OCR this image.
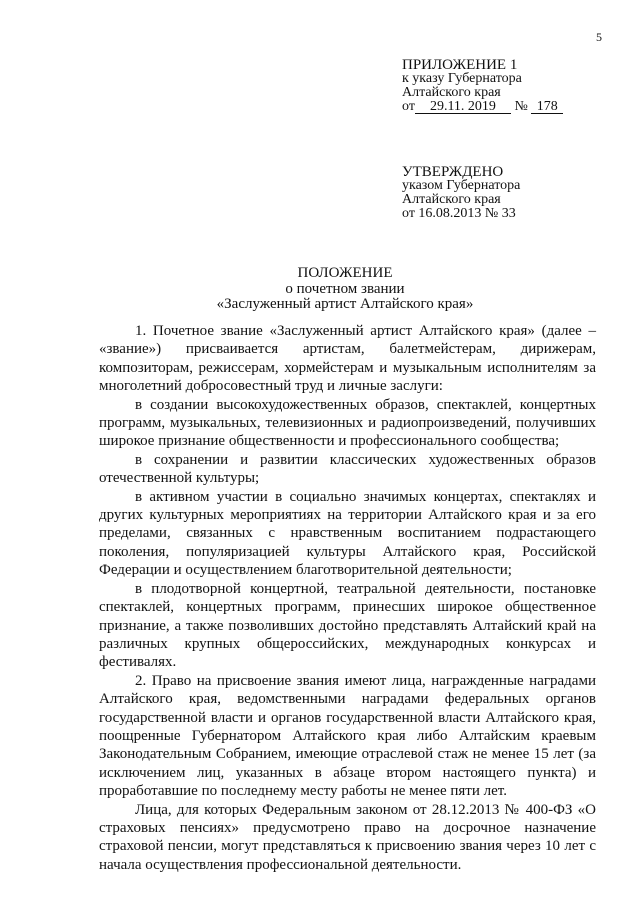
5
ПРИЛОЖЕНИЕ 1
к указу Губернатора
Алтайского края
от 29.11. 2019 № 178
УТВЕРЖДЕНО
указом Губернатора
Алтайского края
от 16.08.2013 № 33
ПОЛОЖЕНИЕ
о почетном звании
«Заслуженный артист Алтайского края»

1. Почетное звание «Заслуженный артист Алтайского края» (далее – «звание») присваивается артистам, балетмейстерам, дирижерам, композиторам, режиссерам, хормейстерам и музыкальным исполнителям за многолетний добросовестный труд и личные заслуги:

в создании высокохудожественных образов, спектаклей, концертных программ, музыкальных, телевизионных и радиопроизведений, получивших широкое признание общественности и профессионального сообщества;

в сохранении и развитии классических художественных образов отечественной культуры;

в активном участии в социально значимых концертах, спектаклях и других культурных мероприятиях на территории Алтайского края и за его пределами, связанных с нравственным воспитанием подрастающего поколения, популяризацией культуры Алтайского края, Российской Федерации и осуществлением благотворительной деятельности;

в плодотворной концертной, театральной деятельности, постановке спектаклей, концертных программ, принесших широкое общественное признание, а также позволивших достойно представлять Алтайский край на различных крупных общероссийских, международных конкурсах и фестивалях.

2. Право на присвоение звания имеют лица, награжденные наградами Алтайского края, ведомственными наградами федеральных органов государственной власти и органов государственной власти Алтайского края, поощренные Губернатором Алтайского края либо Алтайским краевым Законодательным Собранием, имеющие отраслевой стаж не менее 15 лет (за исключением лиц, указанных в абзаце втором настоящего пункта) и проработавшие по последнему месту работы не менее пяти лет.

Лица, для которых Федеральным законом от 28.12.2013 № 400-ФЗ «О страховых пенсиях» предусмотрено право на досрочное назначение страховой пенсии, могут представляться к присвоению звания через 10 лет с начала осуществления профессиональной деятельности.
